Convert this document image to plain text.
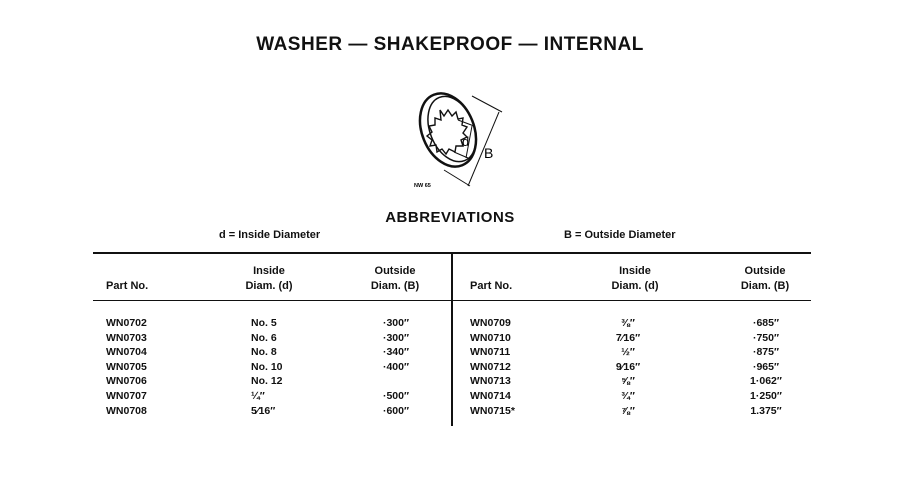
WASHER — SHAKEPROOF — INTERNAL
d
B
NW 65
ABBREVIATIONS
d = Inside Diameter	B = Outside Diameter
Part No.
Inside
Diam. (d)
Outside
Diam. (B)	Part No.
Inside
Diam. (d)
Outside
Diam. (B)
WN0702
WN0703
WN0704
WN0705
WN0706
WN0707
WN0708
No. 5
No. 6
No. 8
No. 10
No. 12
¼″
5⁄16″
·300″
·300″
·340″
·400″
·500″
·600″
WN0709
WN0710
WN0711
WN0712
WN0713
WN0714
WN0715*
⅜″
7⁄16″
½″
9⁄16″
⅝″
¾″
⅞″
·685″
·750″
·875″
·965″
1·062″
1·250″
1.375″
